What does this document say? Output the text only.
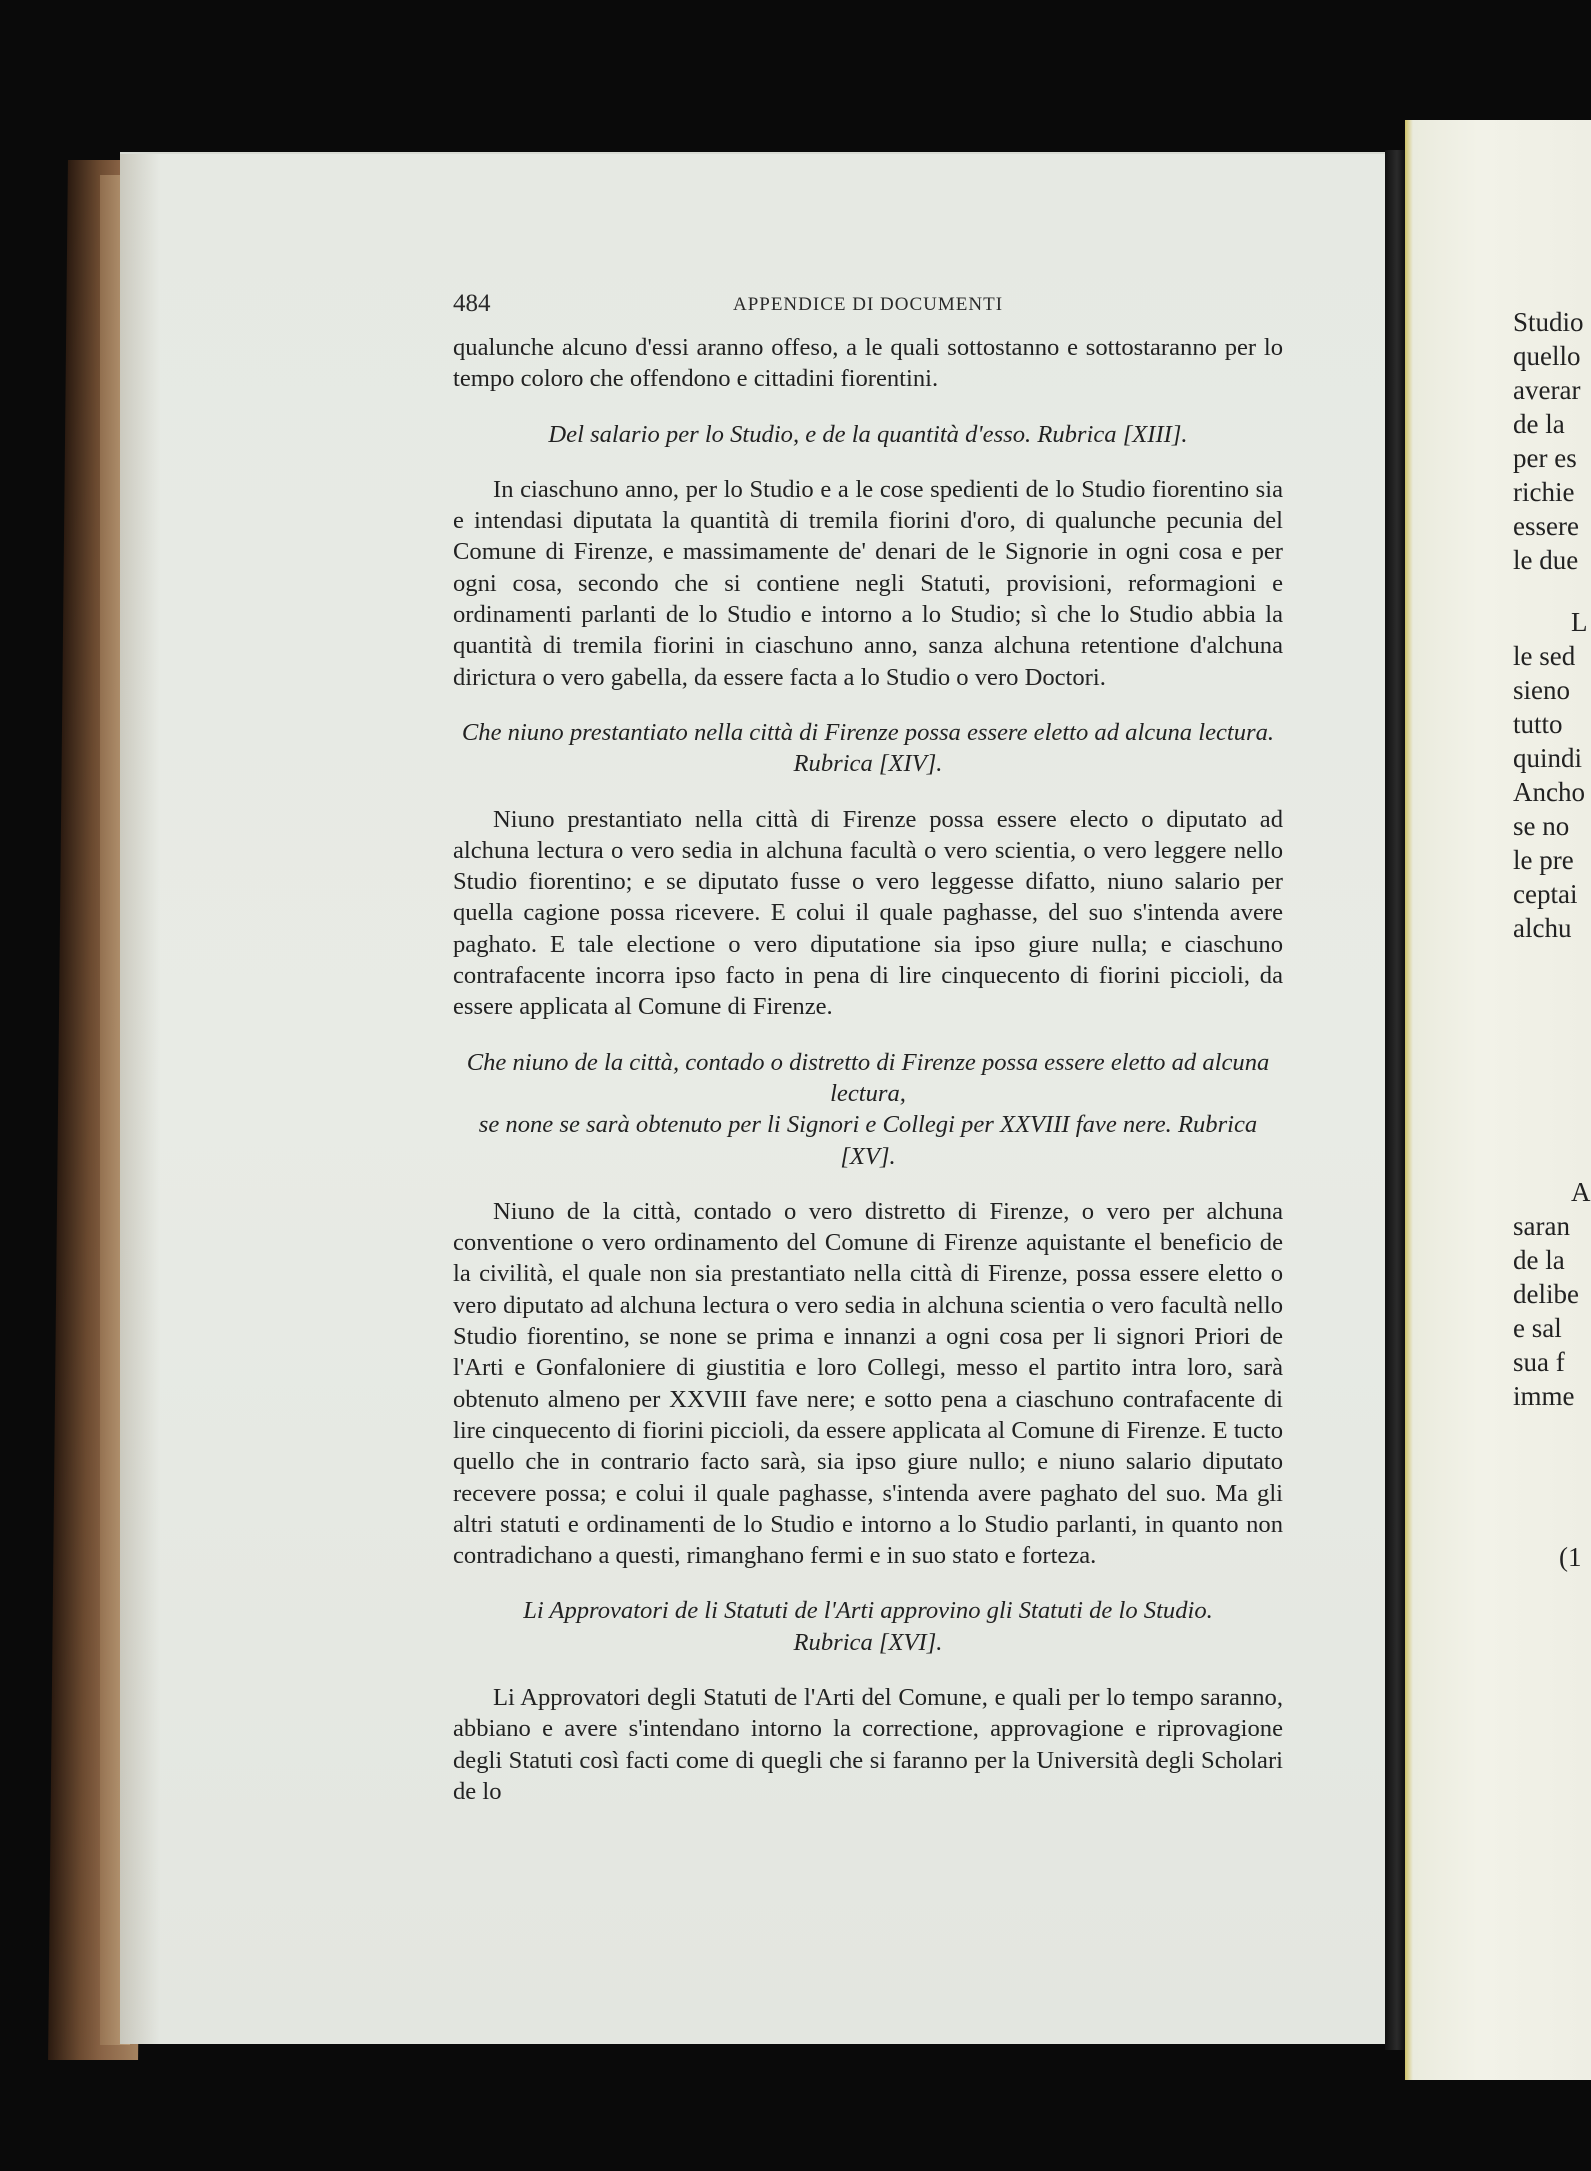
484	APPENDICE DI DOCUMENTI

qualunche alcuno d'essi aranno offeso, a le quali sottostanno e sottostaranno per lo tempo coloro che offendono e cittadini fiorentini.

Del salario per lo Studio, e de la quantità d'esso. Rubrica [XIII].

In ciaschuno anno, per lo Studio e a le cose spedienti de lo Studio fiorentino sia e intendasi diputata la quantità di tremila fiorini d'oro, di qualunche pecunia del Comune di Firenze, e massimamente de' denari de le Signorie in ogni cosa e per ogni cosa, secondo che si contiene negli Statuti, provisioni, reformagioni e ordinamenti parlanti de lo Studio e intorno a lo Studio; sì che lo Studio abbia la quantità di tremila fiorini in ciaschuno anno, sanza alchuna retentione d'alchuna dirictura o vero gabella, da essere facta a lo Studio o vero Doctori.

Che niuno prestantiato nella città di Firenze possa essere eletto ad alcuna lectura.
Rubrica [XIV].

Niuno prestantiato nella città di Firenze possa essere electo o diputato ad alchuna lectura o vero sedia in alchuna facultà o vero scientia, o vero leggere nello Studio fiorentino; e se diputato fusse o vero leggesse difatto, niuno salario per quella cagione possa ricevere. E colui il quale paghasse, del suo s'intenda avere paghato. E tale electione o vero diputatione sia ipso giure nulla; e ciaschuno contrafacente incorra ipso facto in pena di lire cinquecento di fiorini piccioli, da essere applicata al Comune di Firenze.

Che niuno de la città, contado o distretto di Firenze possa essere eletto ad alcuna lectura,
se none se sarà obtenuto per li Signori e Collegi per XXVIII fave nere. Rubrica [XV].

Niuno de la città, contado o vero distretto di Firenze, o vero per alchuna conventione o vero ordinamento del Comune di Firenze aquistante el beneficio de la civilità, el quale non sia prestantiato nella città di Firenze, possa essere eletto o vero diputato ad alchuna lectura o vero sedia in alchuna scientia o vero facultà nello Studio fiorentino, se none se prima e innanzi a ogni cosa per li signori Priori de l'Arti e Gonfaloniere di giustitia e loro Collegi, messo el partito intra loro, sarà obtenuto almeno per XXVIII fave nere; e sotto pena a ciaschuno contrafacente di lire cinquecento di fiorini piccioli, da essere applicata al Comune di Firenze. E tucto quello che in contrario facto sarà, sia ipso giure nullo; e niuno salario diputato recevere possa; e colui il quale paghasse, s'intenda avere paghato del suo. Ma gli altri statuti e ordinamenti de lo Studio e intorno a lo Studio parlanti, in quanto non contradichano a questi, rimanghano fermi e in suo stato e forteza.

Li Approvatori de li Statuti de l'Arti approvino gli Statuti de lo Studio.
Rubrica [XVI].

Li Approvatori degli Statuti de l'Arti del Comune, e quali per lo tempo saranno, abbiano e avere s'intendano intorno la correctione, approvagione e riprovagione degli Statuti così facti come di quegli che si faranno per la Università degli Scholari de lo

Studio
quello
averar
de la
per es
richie
essere
le due
L
le sed
sieno
tutto
quindi
Ancho
se no
le pre
ceptai
alchu
A
saran
de la
delibe
e sal
sua f
imme
(1
